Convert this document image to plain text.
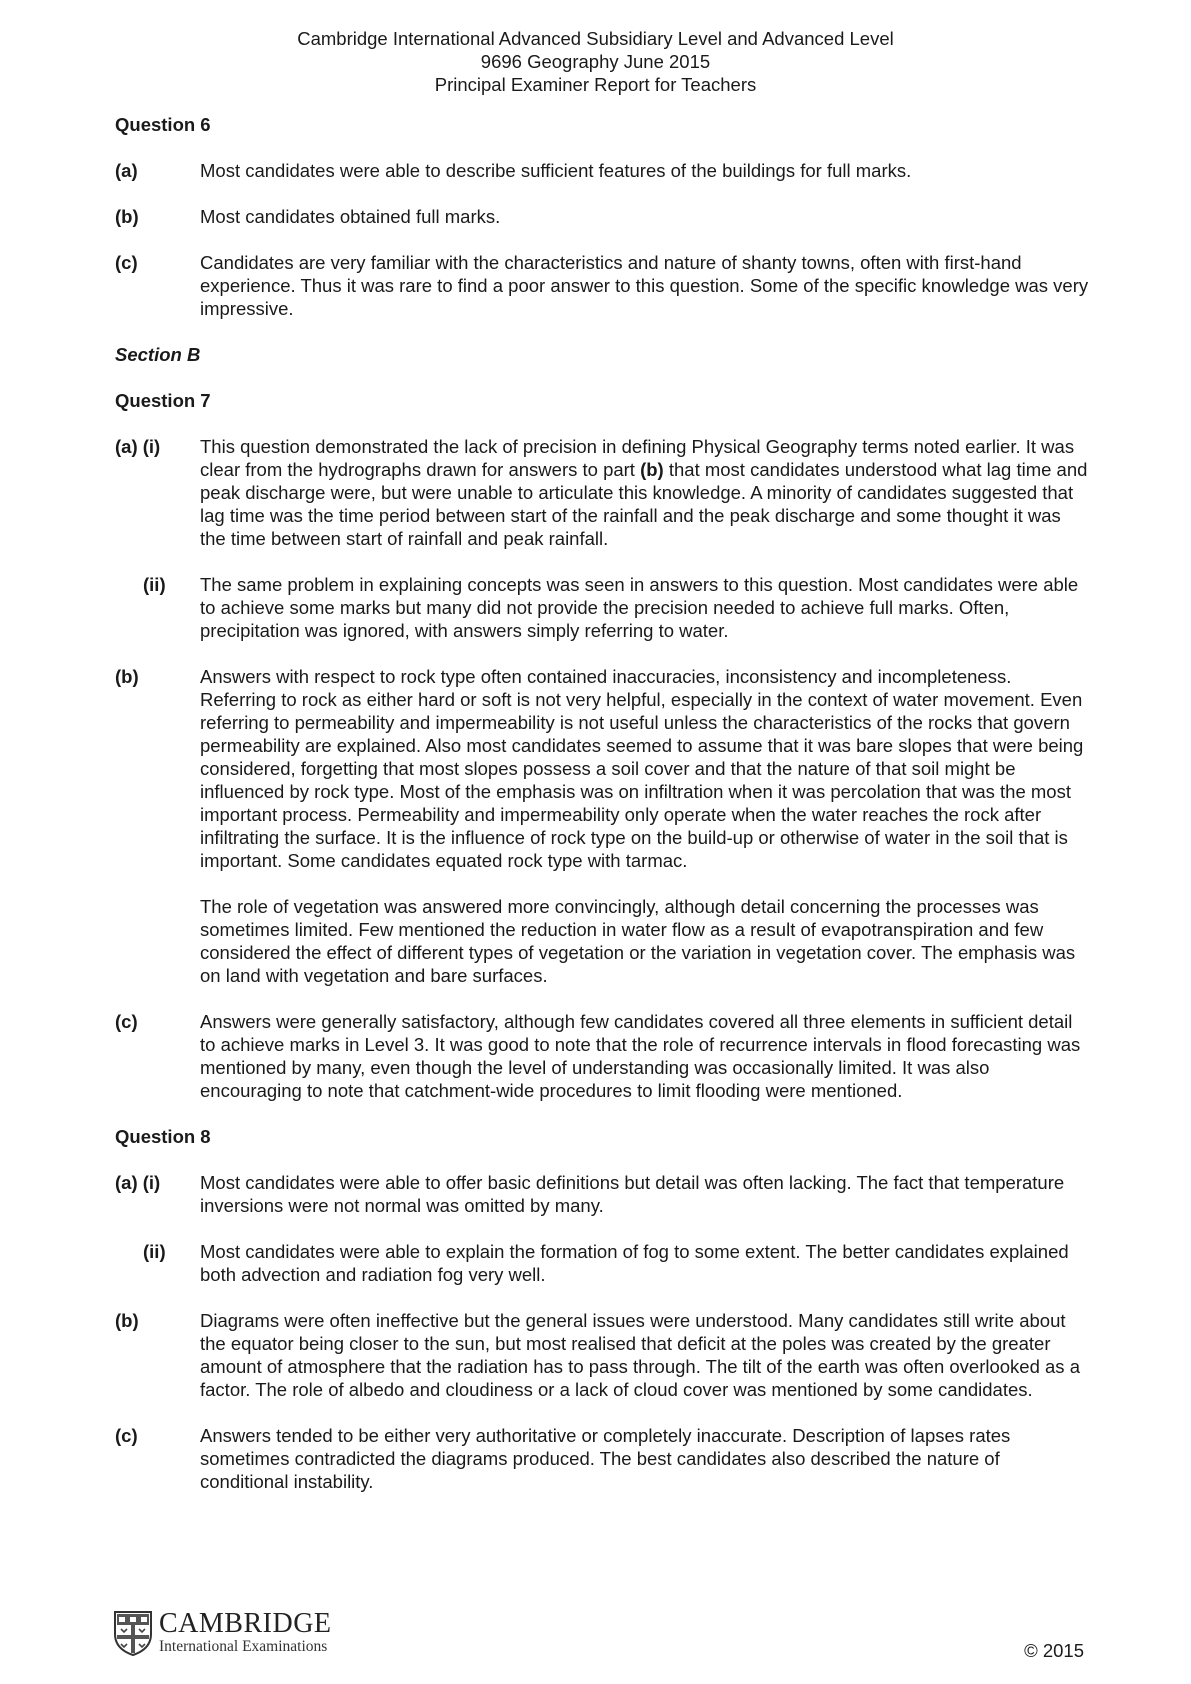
Cambridge International Advanced Subsidiary Level and Advanced Level
9696 Geography June 2015
Principal Examiner Report for Teachers
Question 6
(a)	Most candidates were able to describe sufficient features of the buildings for full marks.
(b)	Most candidates obtained full marks.
(c)	Candidates are very familiar with the characteristics and nature of shanty towns, often with first-hand experience. Thus it was rare to find a poor answer to this question. Some of the specific knowledge was very impressive.
Section B
Question 7
(a) (i) This question demonstrated the lack of precision in defining Physical Geography terms noted earlier. It was clear from the hydrographs drawn for answers to part (b) that most candidates understood what lag time and peak discharge were, but were unable to articulate this knowledge. A minority of candidates suggested that lag time was the time period between start of the rainfall and the peak discharge and some thought it was the time between start of rainfall and peak rainfall.
(ii) The same problem in explaining concepts was seen in answers to this question. Most candidates were able to achieve some marks but many did not provide the precision needed to achieve full marks. Often, precipitation was ignored, with answers simply referring to water.
(b)	Answers with respect to rock type often contained inaccuracies, inconsistency and incompleteness. Referring to rock as either hard or soft is not very helpful, especially in the context of water movement. Even referring to permeability and impermeability is not useful unless the characteristics of the rocks that govern permeability are explained. Also most candidates seemed to assume that it was bare slopes that were being considered, forgetting that most slopes possess a soil cover and that the nature of that soil might be influenced by rock type. Most of the emphasis was on infiltration when it was percolation that was the most important process. Permeability and impermeability only operate when the water reaches the rock after infiltrating the surface. It is the influence of rock type on the build-up or otherwise of water in the soil that is important. Some candidates equated rock type with tarmac.

The role of vegetation was answered more convincingly, although detail concerning the processes was sometimes limited. Few mentioned the reduction in water flow as a result of evapotranspiration and few considered the effect of different types of vegetation or the variation in vegetation cover. The emphasis was on land with vegetation and bare surfaces.

(c)	Answers were generally satisfactory, although few candidates covered all three elements in sufficient detail to achieve marks in Level 3. It was good to note that the role of recurrence intervals in flood forecasting was mentioned by many, even though the level of understanding was occasionally limited. It was also encouraging to note that catchment-wide procedures to limit flooding were mentioned.
Question 8
(a) (i) Most candidates were able to offer basic definitions but detail was often lacking. The fact that temperature inversions were not normal was omitted by many.
(ii) Most candidates were able to explain the formation of fog to some extent. The better candidates explained both advection and radiation fog very well.
(b)	Diagrams were often ineffective but the general issues were understood. Many candidates still write about the equator being closer to the sun, but most realised that deficit at the poles was created by the greater amount of atmosphere that the radiation has to pass through. The tilt of the earth was often overlooked as a factor. The role of albedo and cloudiness or a lack of cloud cover was mentioned by some candidates.
(c)	Answers tended to be either very authoritative or completely inaccurate. Description of lapses rates sometimes contradicted the diagrams produced. The best candidates also described the nature of conditional instability.
CAMBRIDGE
International Examinations	© 2015
